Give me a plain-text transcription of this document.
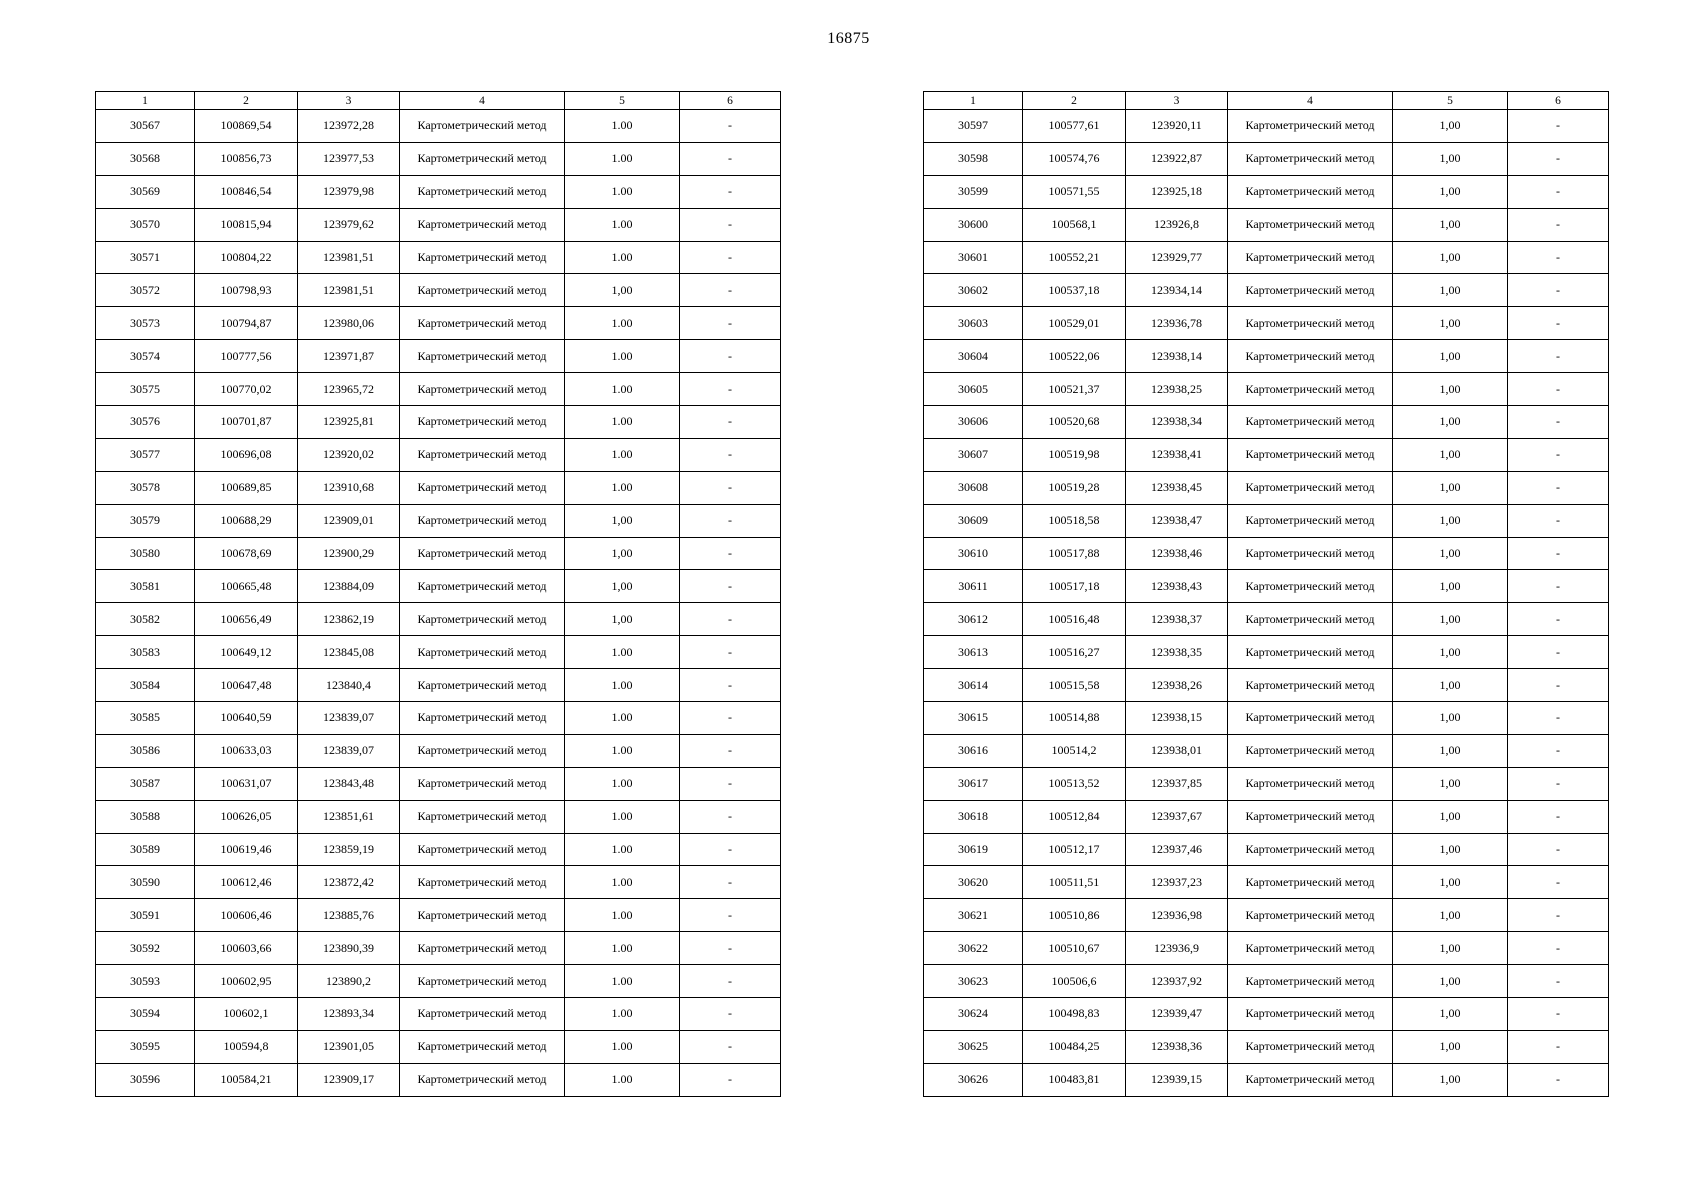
16875
1	2	3	4	5	6
30567	100869,54	123972,28	Картометрический метод	1.00	-
30568	100856,73	123977,53	Картометрический метод	1.00	-
30569	100846,54	123979,98	Картометрический метод	1.00	-
30570	100815,94	123979,62	Картометрический метод	1.00	-
30571	100804,22	123981,51	Картометрический метод	1.00	-
30572	100798,93	123981,51	Картометрический метод	1,00	-
30573	100794,87	123980,06	Картометрический метод	1.00	-
30574	100777,56	123971,87	Картометрический метод	1.00	-
30575	100770,02	123965,72	Картометрический метод	1.00	-
30576	100701,87	123925,81	Картометрический метод	1.00	-
30577	100696,08	123920,02	Картометрический метод	1.00	-
30578	100689,85	123910,68	Картометрический метод	1.00	-
30579	100688,29	123909,01	Картометрический метод	1,00	-
30580	100678,69	123900,29	Картометрический метод	1,00	-
30581	100665,48	123884,09	Картометрический метод	1,00	-
30582	100656,49	123862,19	Картометрический метод	1,00	-
30583	100649,12	123845,08	Картометрический метод	1.00	-
30584	100647,48	123840,4	Картометрический метод	1.00	-
30585	100640,59	123839,07	Картометрический метод	1.00	-
30586	100633,03	123839,07	Картометрический метод	1.00	-
30587	100631,07	123843,48	Картометрический метод	1.00	-
30588	100626,05	123851,61	Картометрический метод	1.00	-
30589	100619,46	123859,19	Картометрический метод	1.00	-
30590	100612,46	123872,42	Картометрический метод	1.00	-
30591	100606,46	123885,76	Картометрический метод	1.00	-
30592	100603,66	123890,39	Картометрический метод	1.00	-
30593	100602,95	123890,2	Картометрический метод	1.00	-
30594	100602,1	123893,34	Картометрический метод	1.00	-
30595	100594,8	123901,05	Картометрический метод	1.00	-
30596	100584,21	123909,17	Картометрический метод	1.00	-
1	2	3	4	5	6
30597	100577,61	123920,11	Картометрический метод	1,00	-
30598	100574,76	123922,87	Картометрический метод	1,00	-
30599	100571,55	123925,18	Картометрический метод	1,00	-
30600	100568,1	123926,8	Картометрический метод	1,00	-
30601	100552,21	123929,77	Картометрический метод	1,00	-
30602	100537,18	123934,14	Картометрический метод	1,00	-
30603	100529,01	123936,78	Картометрический метод	1,00	-
30604	100522,06	123938,14	Картометрический метод	1,00	-
30605	100521,37	123938,25	Картометрический метод	1,00	-
30606	100520,68	123938,34	Картометрический метод	1,00	-
30607	100519,98	123938,41	Картометрический метод	1,00	-
30608	100519,28	123938,45	Картометрический метод	1,00	-
30609	100518,58	123938,47	Картометрический метод	1,00	-
30610	100517,88	123938,46	Картометрический метод	1,00	-
30611	100517,18	123938,43	Картометрический метод	1,00	-
30612	100516,48	123938,37	Картометрический метод	1,00	-
30613	100516,27	123938,35	Картометрический метод	1,00	-
30614	100515,58	123938,26	Картометрический метод	1,00	-
30615	100514,88	123938,15	Картометрический метод	1,00	-
30616	100514,2	123938,01	Картометрический метод	1,00	-
30617	100513,52	123937,85	Картометрический метод	1,00	-
30618	100512,84	123937,67	Картометрический метод	1,00	-
30619	100512,17	123937,46	Картометрический метод	1,00	-
30620	100511,51	123937,23	Картометрический метод	1,00	-
30621	100510,86	123936,98	Картометрический метод	1,00	-
30622	100510,67	123936,9	Картометрический метод	1,00	-
30623	100506,6	123937,92	Картометрический метод	1,00	-
30624	100498,83	123939,47	Картометрический метод	1,00	-
30625	100484,25	123938,36	Картометрический метод	1,00	-
30626	100483,81	123939,15	Картометрический метод	1,00	-
